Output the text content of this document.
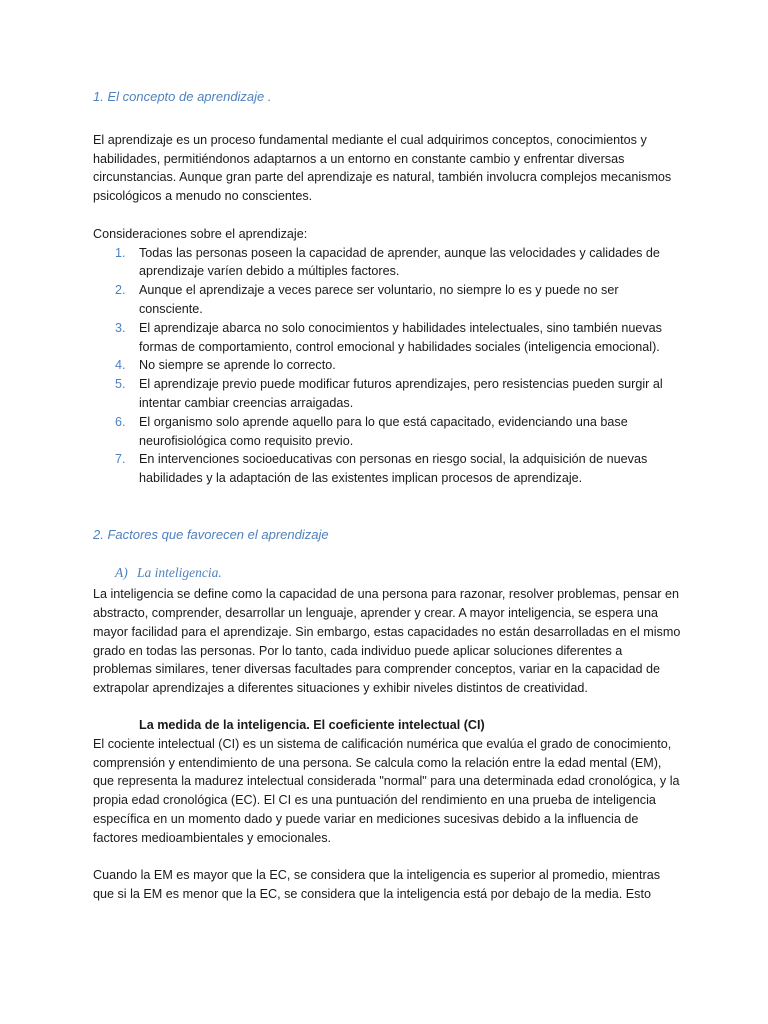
1. El concepto de aprendizaje .

El aprendizaje es un proceso fundamental mediante el cual adquirimos conceptos, conocimientos y habilidades, permitiéndonos adaptarnos a un entorno en constante cambio y enfrentar diversas circunstancias. Aunque gran parte del aprendizaje es natural, también involucra complejos mecanismos psicológicos a menudo no conscientes.

Consideraciones sobre el aprendizaje:

1. Todas las personas poseen la capacidad de aprender, aunque las velocidades y calidades de aprendizaje varíen debido a múltiples factores.
2. Aunque el aprendizaje a veces parece ser voluntario, no siempre lo es y puede no ser consciente.
3. El aprendizaje abarca no solo conocimientos y habilidades intelectuales, sino también nuevas formas de comportamiento, control emocional y habilidades sociales (inteligencia emocional).
4. No siempre se aprende lo correcto.
5. El aprendizaje previo puede modificar futuros aprendizajes, pero resistencias pueden surgir al intentar cambiar creencias arraigadas.
6. El organismo solo aprende aquello para lo que está capacitado, evidenciando una base neurofisiológica como requisito previo.
7. En intervenciones socioeducativas con personas en riesgo social, la adquisición de nuevas habilidades y la adaptación de las existentes implican procesos de aprendizaje.

2. Factores que favorecen el aprendizaje

A) La inteligencia.

La inteligencia se define como la capacidad de una persona para razonar, resolver problemas, pensar en abstracto, comprender, desarrollar un lenguaje, aprender y crear. A mayor inteligencia, se espera una mayor facilidad para el aprendizaje. Sin embargo, estas capacidades no están desarrolladas en el mismo grado en todas las personas. Por lo tanto, cada individuo puede aplicar soluciones diferentes a problemas similares, tener diversas facultades para comprender conceptos, variar en la capacidad de extrapolar aprendizajes a diferentes situaciones y exhibir niveles distintos de creatividad.

La medida de la inteligencia. El coeficiente intelectual (CI)

El cociente intelectual (CI) es un sistema de calificación numérica que evalúa el grado de conocimiento, comprensión y entendimiento de una persona. Se calcula como la relación entre la edad mental (EM), que representa la madurez intelectual considerada "normal" para una determinada edad cronológica, y la propia edad cronológica (EC). El CI es una puntuación del rendimiento en una prueba de inteligencia específica en un momento dado y puede variar en mediciones sucesivas debido a la influencia de factores medioambientales y emocionales.

Cuando la EM es mayor que la EC, se considera que la inteligencia es superior al promedio, mientras que si la EM es menor que la EC, se considera que la inteligencia está por debajo de la media. Esto
